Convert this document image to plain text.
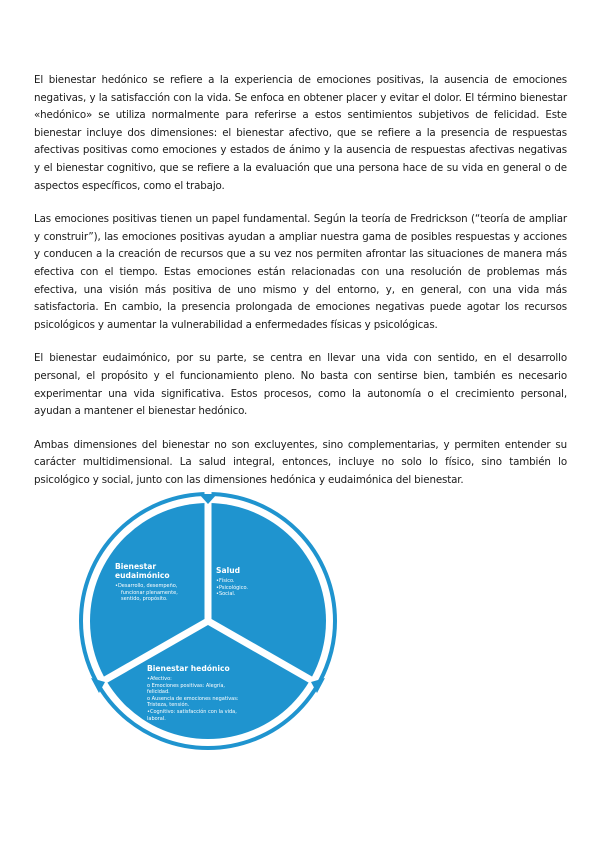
El bienestar hedónico se refiere a la experiencia de emociones positivas, la ausencia de emociones negativas, y la satisfacción con la vida. Se enfoca en obtener placer y evitar el dolor. El término bienestar «hedónico» se utiliza normalmente para referirse a estos sentimientos subjetivos de felicidad. Este bienestar incluye dos dimensiones: el bienestar afectivo, que se refiere a la presencia de respuestas afectivas positivas como emociones y estados de ánimo y la ausencia de respuestas afectivas negativas y el bienestar cognitivo, que se refiere a la evaluación que una persona hace de su vida en general o de aspectos específicos, como el trabajo.

Las emociones positivas tienen un papel fundamental. Según la teoría de Fredrickson (“teoría de ampliar y construir”), las emociones positivas ayudan a ampliar nuestra gama de posibles respuestas y acciones y conducen a la creación de recursos que a su vez nos permiten afrontar las situaciones de manera más efectiva con el tiempo. Estas emociones están relacionadas con una resolución de problemas más efectiva, una visión más positiva de uno mismo y del entorno, y, en general, con una vida más satisfactoria. En cambio, la presencia prolongada de emociones negativas puede agotar los recursos psicológicos y aumentar la vulnerabilidad a enfermedades físicas y psicológicas.

El bienestar eudaimónico, por su parte, se centra en llevar una vida con sentido, en el desarrollo personal, el propósito y el funcionamiento pleno. No basta con sentirse bien, también es necesario experimentar una vida significativa. Estos procesos, como la autonomía o el crecimiento personal, ayudan a mantener el bienestar hedónico.

Ambas dimensiones del bienestar no son excluyentes, sino complementarias, y permiten entender su carácter multidimensional. La salud integral, entonces, incluye no solo lo físico, sino también lo psicológico y social, junto con las dimensiones hedónica y eudaimónica del bienestar.

Bienestar
eudaimónico
•Desarrollo, desempeño,
funcionar plenamente,
sentido, propósito.
Salud
•Físico.
•Psicológico.
•Social.
Bienestar hedónico
•Afectivo:
o Emociones positivas: Alegría,
felicidad.
o Ausencia de emociones negativas:
Tristeza, tensión.
•Cognitivo: satisfacción con la vida,
laboral.
